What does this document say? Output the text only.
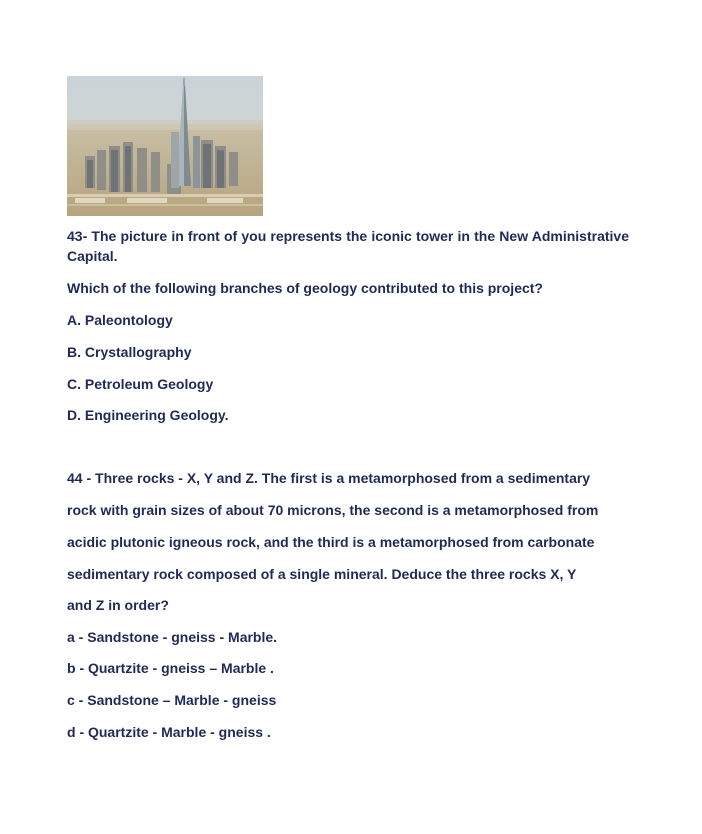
43- The picture in front of you represents the iconic tower in the New Administrative Capital.
Which of the following branches of geology contributed to this project?
A. Paleontology
B. Crystallography
C. Petroleum Geology
D. Engineering Geology.
44 - Three rocks - X, Y and Z. The first is a metamorphosed from a sedimentary
rock with grain sizes of about 70 microns, the second is a metamorphosed from
acidic plutonic igneous rock, and the third is a metamorphosed from carbonate
sedimentary rock composed of a single mineral. Deduce the three rocks X, Y
and Z in order?
a - Sandstone - gneiss - Marble.
b - Quartzite - gneiss – Marble .
c - Sandstone – Marble - gneiss
d - Quartzite - Marble - gneiss .
